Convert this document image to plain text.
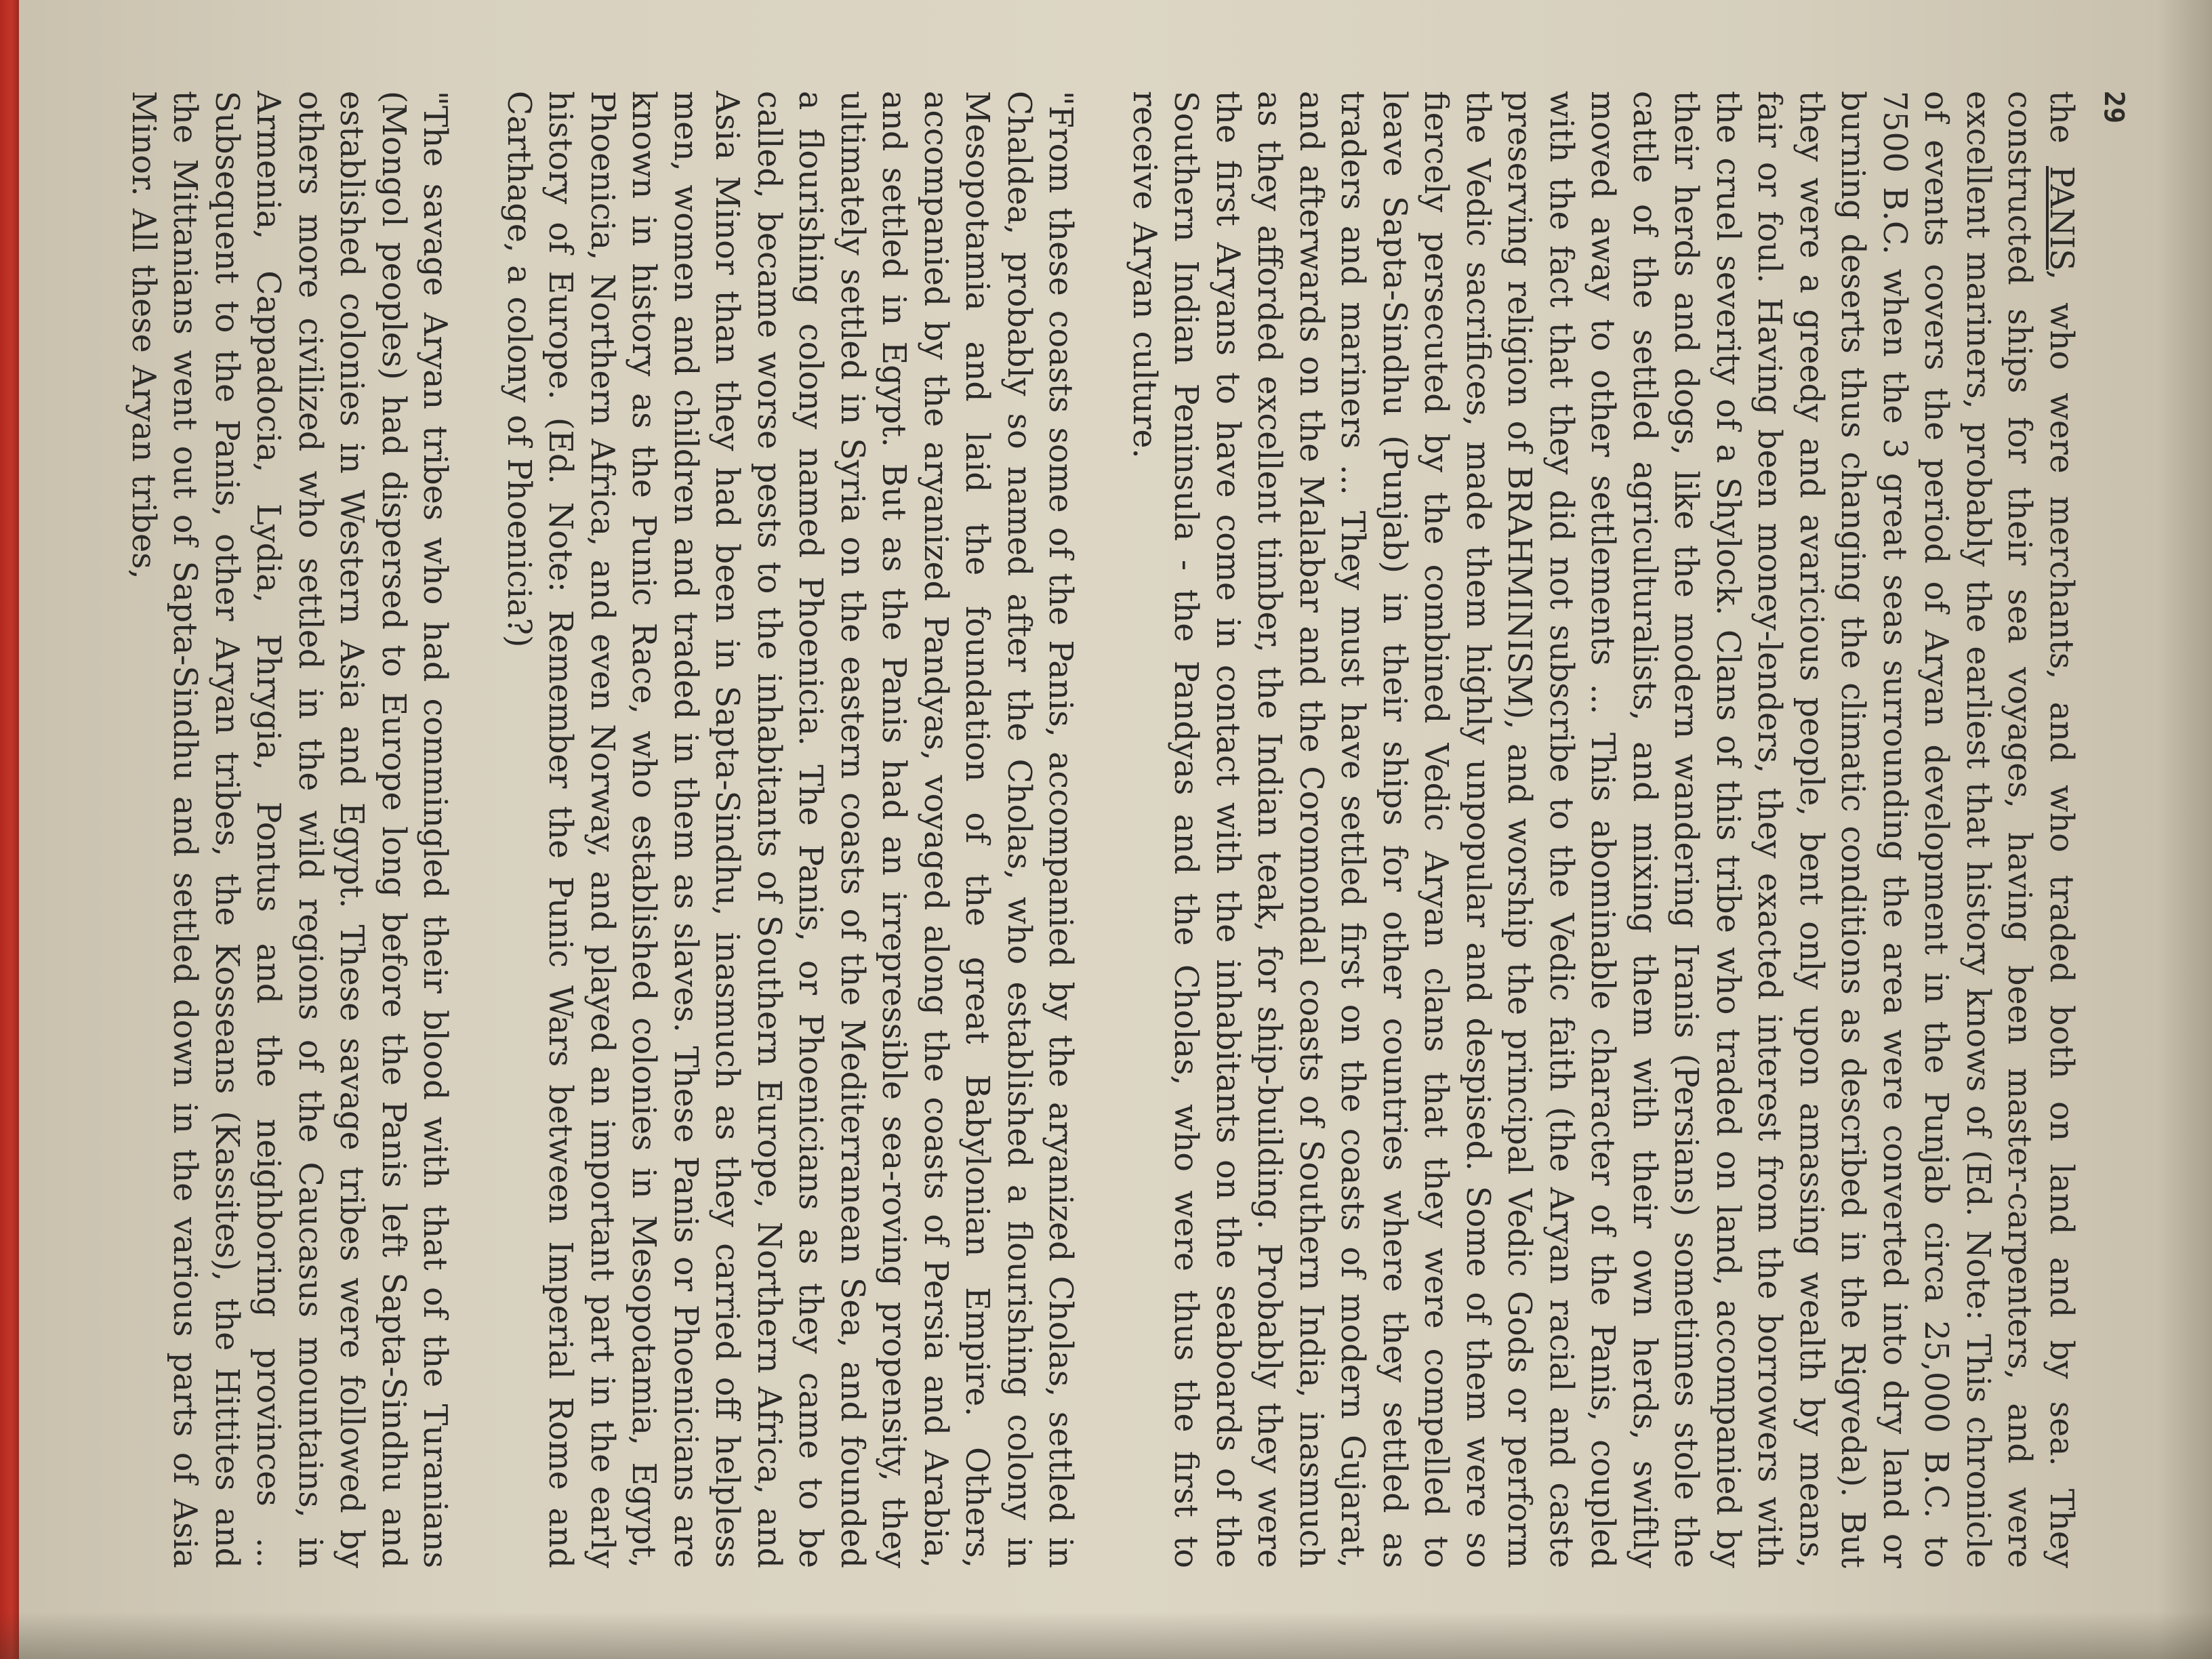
29

the PANIS, who were merchants, and who traded both on land and by sea. They constructed ships for their sea voyages, having been master-carpenters, and were excellent mariners, probably the earliest that history knows of (Ed. Note: This chronicle of events covers the period of Aryan development in the Punjab circa 25,000 B.C. to 7500 B.C. when the 3 great seas surrounding the area were converted into dry land or burning deserts thus changing the climatic conditions as described in the Rigveda). But they were a greedy and avaricious people, bent only upon amassing wealth by means, fair or foul. Having been money-lenders, they exacted interest from the borrowers with the cruel severity of a Shylock. Clans of this tribe who traded on land, accompanied by their herds and dogs, like the modern wandering Iranis (Persians) sometimes stole the cattle of the settled agriculturalists, and mixing them with their own herds, swiftly moved away to other settlements ... This abominable character of the Panis, coupled with the fact that they did not subscribe to the Vedic faith (the Aryan racial and caste preserving religion of BRAHMINISM), and worship the principal Vedic Gods or perform the Vedic sacrifices, made them highly unpopular and despised. Some of them were so fiercely persecuted by the combined Vedic Aryan clans that they were compelled to leave Sapta-Sindhu (Punjab) in their ships for other countries where they settled as traders and mariners ... They must have settled first on the coasts of modern Gujarat, and afterwards on the Malabar and the Coromondal coasts of Southern India, inasmuch as they afforded excellent timber, the Indian teak, for ship-building. Probably they were the first Aryans to have come in contact with the inhabitants on the seaboards of the Southern Indian Peninsula - the Pandyas and the Cholas, who were thus the first to receive Aryan culture.

"From these coasts some of the Panis, accompanied by the aryanized Cholas, settled in Chaldea, probably so named after the Cholas, who established a flourishing colony in Mesopotamia and laid the foundation of the great Babylonian Empire. Others, accompanied by the aryanized Pandyas, voyaged along the coasts of Persia and Arabia, and settled in Egypt. But as the Panis had an irrepressible sea-roving propensity, they ultimately settled in Syria on the eastern coasts of the Mediterranean Sea, and founded a flourishing colony named Phoenicia. The Panis, or Phoenicians as they came to be called, became worse pests to the inhabitants of Southern Europe, Northern Africa, and Asia Minor than they had been in Sapta-Sindhu, inasmuch as they carried off helpless men, women and children and traded in them as slaves. These Panis or Phoenicians are known in history as the Punic Race, who established colonies in Mesopotamia, Egypt, Phoenicia, Northern Africa, and even Norway, and played an important part in the early history of Europe. (Ed. Note: Remember the Punic Wars between Imperial Rome and Carthage, a colony of Phoenicia?)

"The savage Aryan tribes who had commingled their blood with that of the Turanians (Mongol peoples) had dispersed to Europe long before the Panis left Sapta-Sindhu and established colonies in Western Asia and Egypt. These savage tribes were followed by others more civilized who settled in the wild regions of the Caucasus mountains, in Armenia, Cappadocia, Lydia, Phrygia, Pontus and the neighboring provinces ... Subsequent to the Panis, other Aryan tribes, the Kosseans (Kassites), the Hittites and the Mittanians went out of Sapta-Sindhu and settled down in the various parts of Asia Minor. All these Aryan tribes,
